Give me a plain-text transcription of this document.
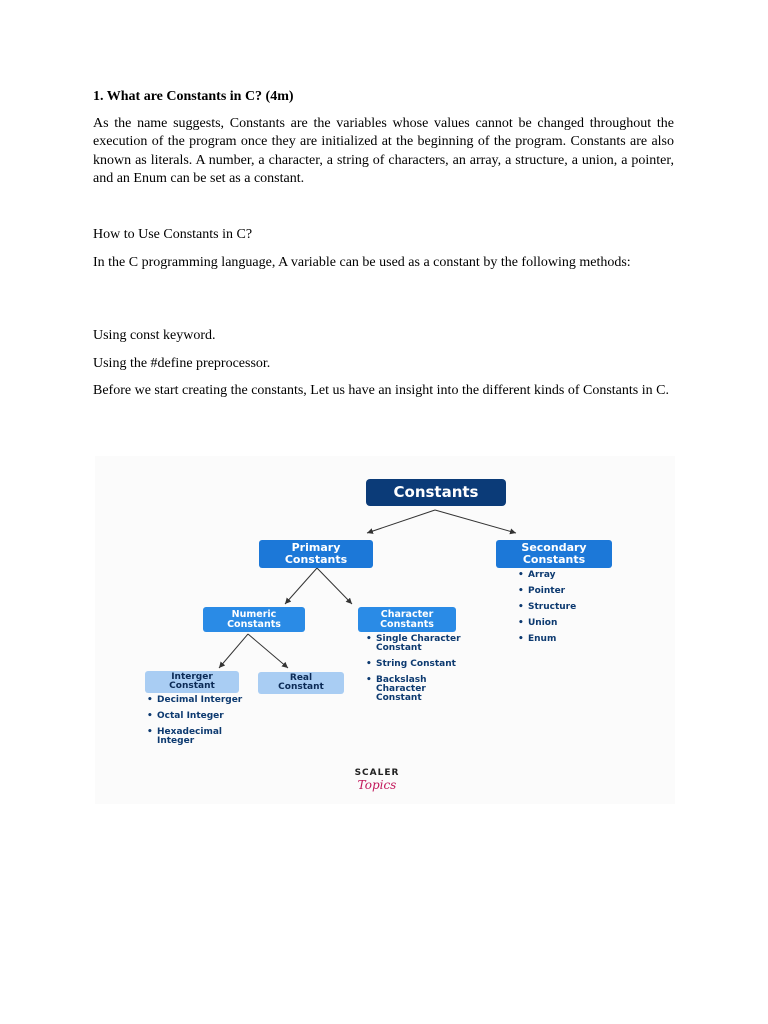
1. What are Constants in C? (4m)

As the name suggests, Constants are the variables whose values cannot be changed throughout the execution of the program once they are initialized at the beginning of the program. Constants are also known as literals. A number, a character, a string of characters, an array, a structure, a union, a pointer, and an Enum can be set as a constant.

How to Use Constants in C?

In the C programming language, A variable can be used as a constant by the following methods:

Using const keyword.

Using the #define preprocessor.

Before we start creating the constants, Let us have an insight into the different kinds of Constants in C.

Constants
Primary
Constants
Secondary
Constants
• Array
• Pointer
• Structure
• Union
• Enum
Numeric
Constants
Character
Constants
• Single Character Constant
• String Constant
• Backslash Character Constant
Interger
Constant
Real
Constant
• Decimal Interger
• Octal Integer
• Hexadecimal Integer
SCALER
Topics
